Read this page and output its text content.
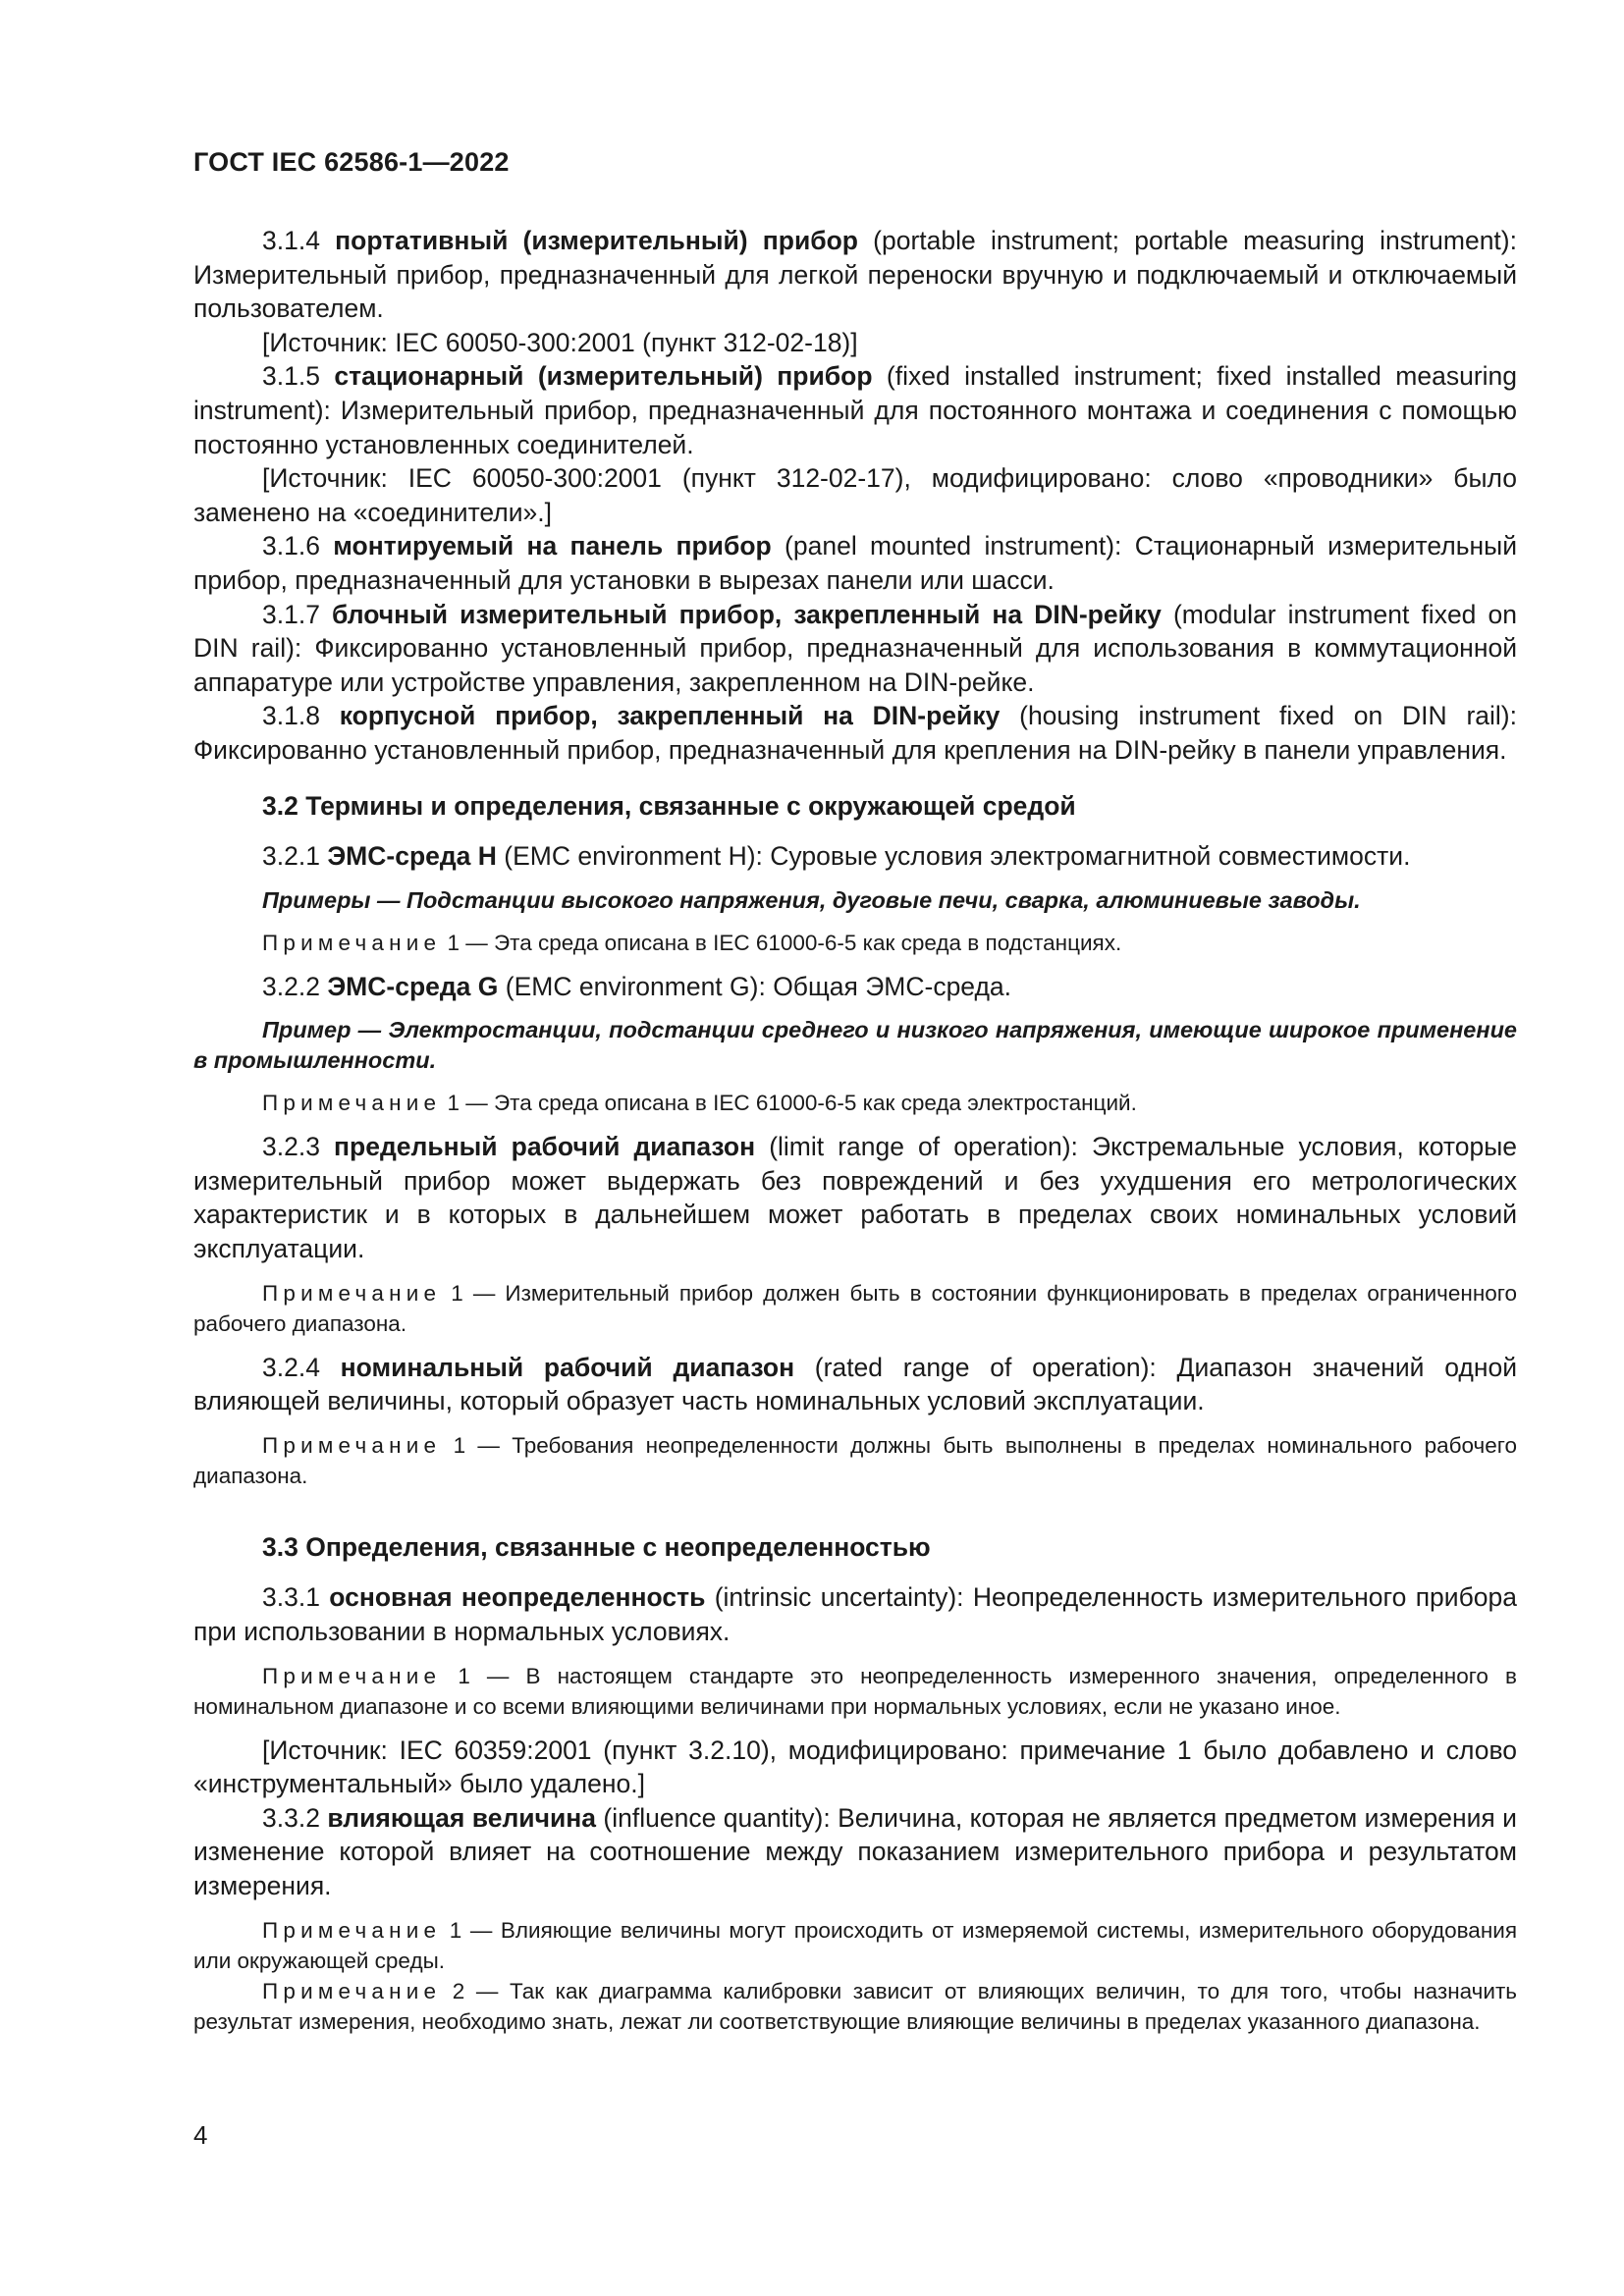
ГОСТ IEC 62586-1—2022

3.1.4 портативный (измерительный) прибор (portable instrument; portable measuring instrument): Измерительный прибор, предназначенный для легкой переноски вручную и подключаемый и отключаемый пользователем.

[Источник: IEC 60050-300:2001 (пункт 312-02-18)]

3.1.5 стационарный (измерительный) прибор (fixed installed instrument; fixed installed measuring instrument): Измерительный прибор, предназначенный для постоянного монтажа и соединения с помощью постоянно установленных соединителей.

[Источник: IEC 60050-300:2001 (пункт 312-02-17), модифицировано: слово «проводники» было заменено на «соединители».]

3.1.6 монтируемый на панель прибор (panel mounted instrument): Стационарный измерительный прибор, предназначенный для установки в вырезах панели или шасси.

3.1.7 блочный измерительный прибор, закрепленный на DIN-рейку (modular instrument fixed on DIN rail): Фиксированно установленный прибор, предназначенный для использования в коммутационной аппаратуре или устройстве управления, закрепленном на DIN-рейке.

3.1.8 корпусной прибор, закрепленный на DIN-рейку (housing instrument fixed on DIN rail): Фиксированно установленный прибор, предназначенный для крепления на DIN-рейку в панели управления.

3.2 Термины и определения, связанные с окружающей средой

3.2.1 ЭМС-среда Н (EMC environment H): Суровые условия электромагнитной совместимости.

Примеры — Подстанции высокого напряжения, дуговые печи, сварка, алюминиевые заводы.

Примечание 1 — Эта среда описана в IEC 61000-6-5 как среда в подстанциях.

3.2.2 ЭМС-среда G (EMC environment G): Общая ЭМС-среда.

Пример — Электростанции, подстанции среднего и низкого напряжения, имеющие широкое применение в промышленности.

Примечание 1 — Эта среда описана в IEC 61000-6-5 как среда электростанций.

3.2.3 предельный рабочий диапазон (limit range of operation): Экстремальные условия, которые измерительный прибор может выдержать без повреждений и без ухудшения его метрологических характеристик и в которых в дальнейшем может работать в пределах своих номинальных условий эксплуатации.

Примечание 1 — Измерительный прибор должен быть в состоянии функционировать в пределах ограниченного рабочего диапазона.

3.2.4 номинальный рабочий диапазон (rated range of operation): Диапазон значений одной влияющей величины, который образует часть номинальных условий эксплуатации.

Примечание 1 — Требования неопределенности должны быть выполнены в пределах номинального рабочего диапазона.

3.3 Определения, связанные с неопределенностью

3.3.1 основная неопределенность (intrinsic uncertainty): Неопределенность измерительного прибора при использовании в нормальных условиях.

Примечание 1 — В настоящем стандарте это неопределенность измеренного значения, определенного в номинальном диапазоне и со всеми влияющими величинами при нормальных условиях, если не указано иное.

[Источник: IEC 60359:2001 (пункт 3.2.10), модифицировано: примечание 1 было добавлено и слово «инструментальный» было удалено.]

3.3.2 влияющая величина (influence quantity): Величина, которая не является предметом измерения и изменение которой влияет на соотношение между показанием измерительного прибора и результатом измерения.

Примечание 1 — Влияющие величины могут происходить от измеряемой системы, измерительного оборудования или окружающей среды.

Примечание 2 — Так как диаграмма калибровки зависит от влияющих величин, то для того, чтобы назначить результат измерения, необходимо знать, лежат ли соответствующие влияющие величины в пределах указанного диапазона.

4
